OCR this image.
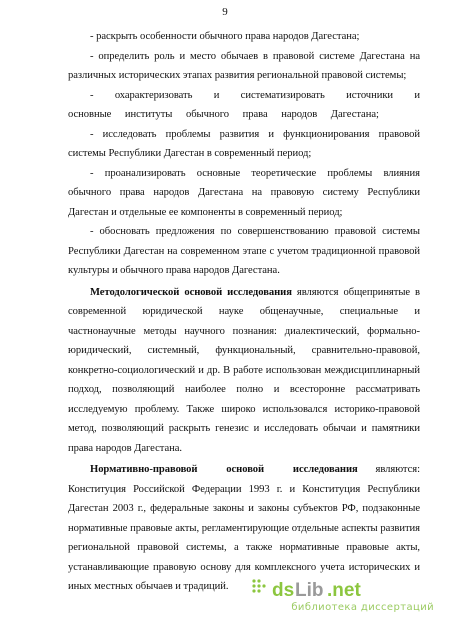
9

- раскрыть особенности обычного права народов Дагестана;

- определить роль и место обычаев в правовой системе Дагестана на различных исторических этапах развития региональной правовой системы;

- охарактеризовать и систематизировать источники и основные институты обычного права народов Дагестана;

- исследовать проблемы развития и функционирования правовой системы Республики Дагестан в современный период;

- проанализировать основные теоретические проблемы влияния обычного права народов Дагестана на правовую систему Республики Дагестан и отдельные ее компоненты в современный период;

- обосновать предложения по совершенствованию правовой системы Республики Дагестан на современном этапе с учетом традиционной правовой культуры и обычного права народов Дагестана.

Методологической основой исследования являются общепринятые в современной юридической науке общенаучные, специальные и частнонаучные методы научного познания: диалектический, формально-юридический, системный, функциональный, сравнительно-правовой, конкретно-социологический и др. В работе использован междисциплинарный подход, позволяющий наиболее полно и всесторонне рассматривать исследуемую проблему. Также широко использовался историко-правовой метод, позволяющий раскрыть генезис и исследовать обычаи и памятники права народов Дагестана.

Нормативно-правовой основой исследования являются: Конституция Российской Федерации 1993 г. и Конституция Республики Дагестан 2003 г., федеральные законы и законы субъектов РФ, подзаконные нормативные правовые акты, регламентирующие отдельные аспекты развития региональной правовой системы, а также нормативные правовые акты, устанавливающие правовую основу для комплексного учета исторических и иных местных обычаев и традиций.	ds Lib .net
библиотека диссертаций
